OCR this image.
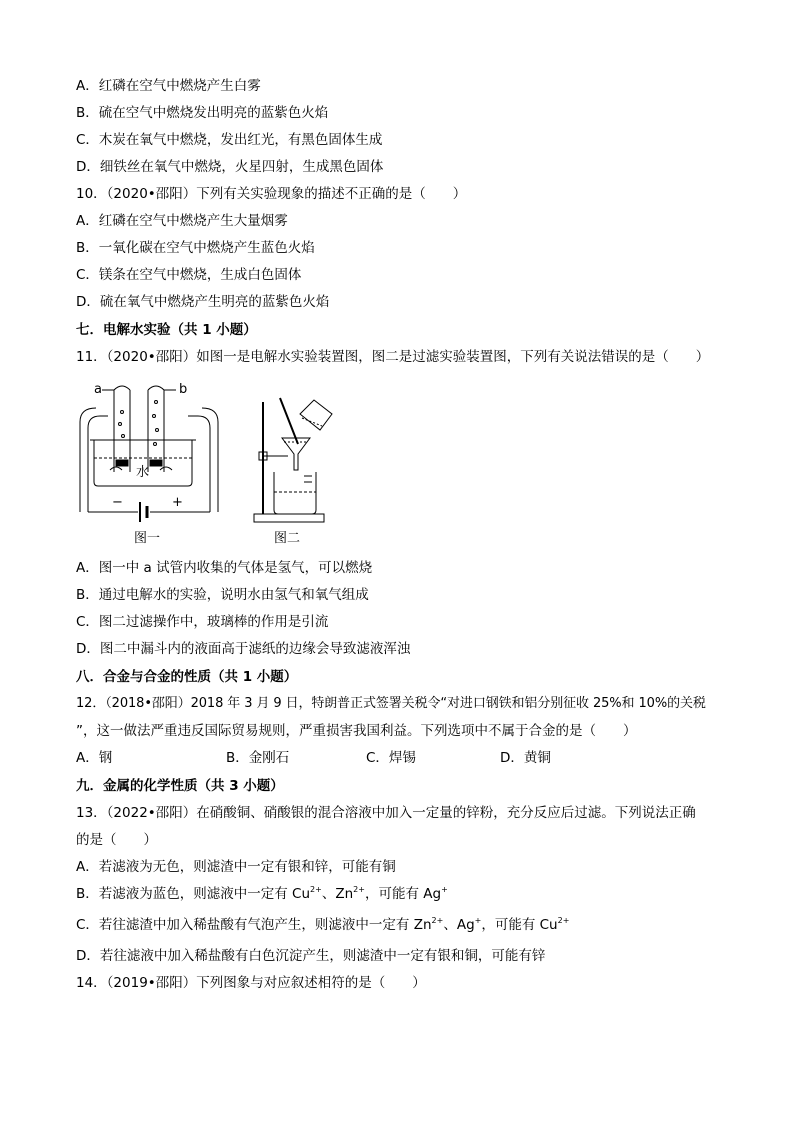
A．红磷在空气中燃烧产生白雾
B．硫在空气中燃烧发出明亮的蓝紫色火焰
C．木炭在氧气中燃烧，发出红光，有黑色固体生成
D．细铁丝在氧气中燃烧，火星四射，生成黑色固体
10．（2020•邵阳）下列有关实验现象的描述不正确的是（　　）
A．红磷在空气中燃烧产生大量烟雾
B．一氧化碳在空气中燃烧产生蓝色火焰
C．镁条在空气中燃烧，生成白色固体
D．硫在氧气中燃烧产生明亮的蓝紫色火焰
七．电解水实验（共 1 小题）
11．（2020•邵阳）如图一是电解水实验装置图，图二是过滤实验装置图，下列有关说法错误的是（　　）
a	b
水
−	+
图一	图二
A．图一中 a 试管内收集的气体是氢气，可以燃烧
B．通过电解水的实验，说明水由氢气和氧气组成
C．图二过滤操作中，玻璃棒的作用是引流
D．图二中漏斗内的液面高于滤纸的边缘会导致滤液浑浊
八．合金与合金的性质（共 1 小题）
12．（2018•邵阳）2018 年 3 月 9 日，特朗普正式签署关税令“对进口钢铁和铝分别征收 25%和 10%的关税
”，这一做法严重违反国际贸易规则，严重损害我国利益。下列选项中不属于合金的是（　　）
A．钢	B．金刚石	C．焊锡	D．黄铜
九．金属的化学性质（共 3 小题）
13．（2022•邵阳）在硝酸铜、硝酸银的混合溶液中加入一定量的锌粉，充分反应后过滤。下列说法正确
的是（　　）
A．若滤液为无色，则滤渣中一定有银和锌，可能有铜
B．若滤液为蓝色，则滤液中一定有 $Cu^{2+}$、$Zn^{2+}$，可能有 Ag+
C．若往滤渣中加入稀盐酸有气泡产生，则滤液中一定有 $Zn^{2+}$、Ag+，可能有 $Cu^{2+}$
D．若往滤液中加入稀盐酸有白色沉淀产生，则滤渣中一定有银和铜，可能有锌
14．（2019•邵阳）下列图象与对应叙述相符的是（　　）
